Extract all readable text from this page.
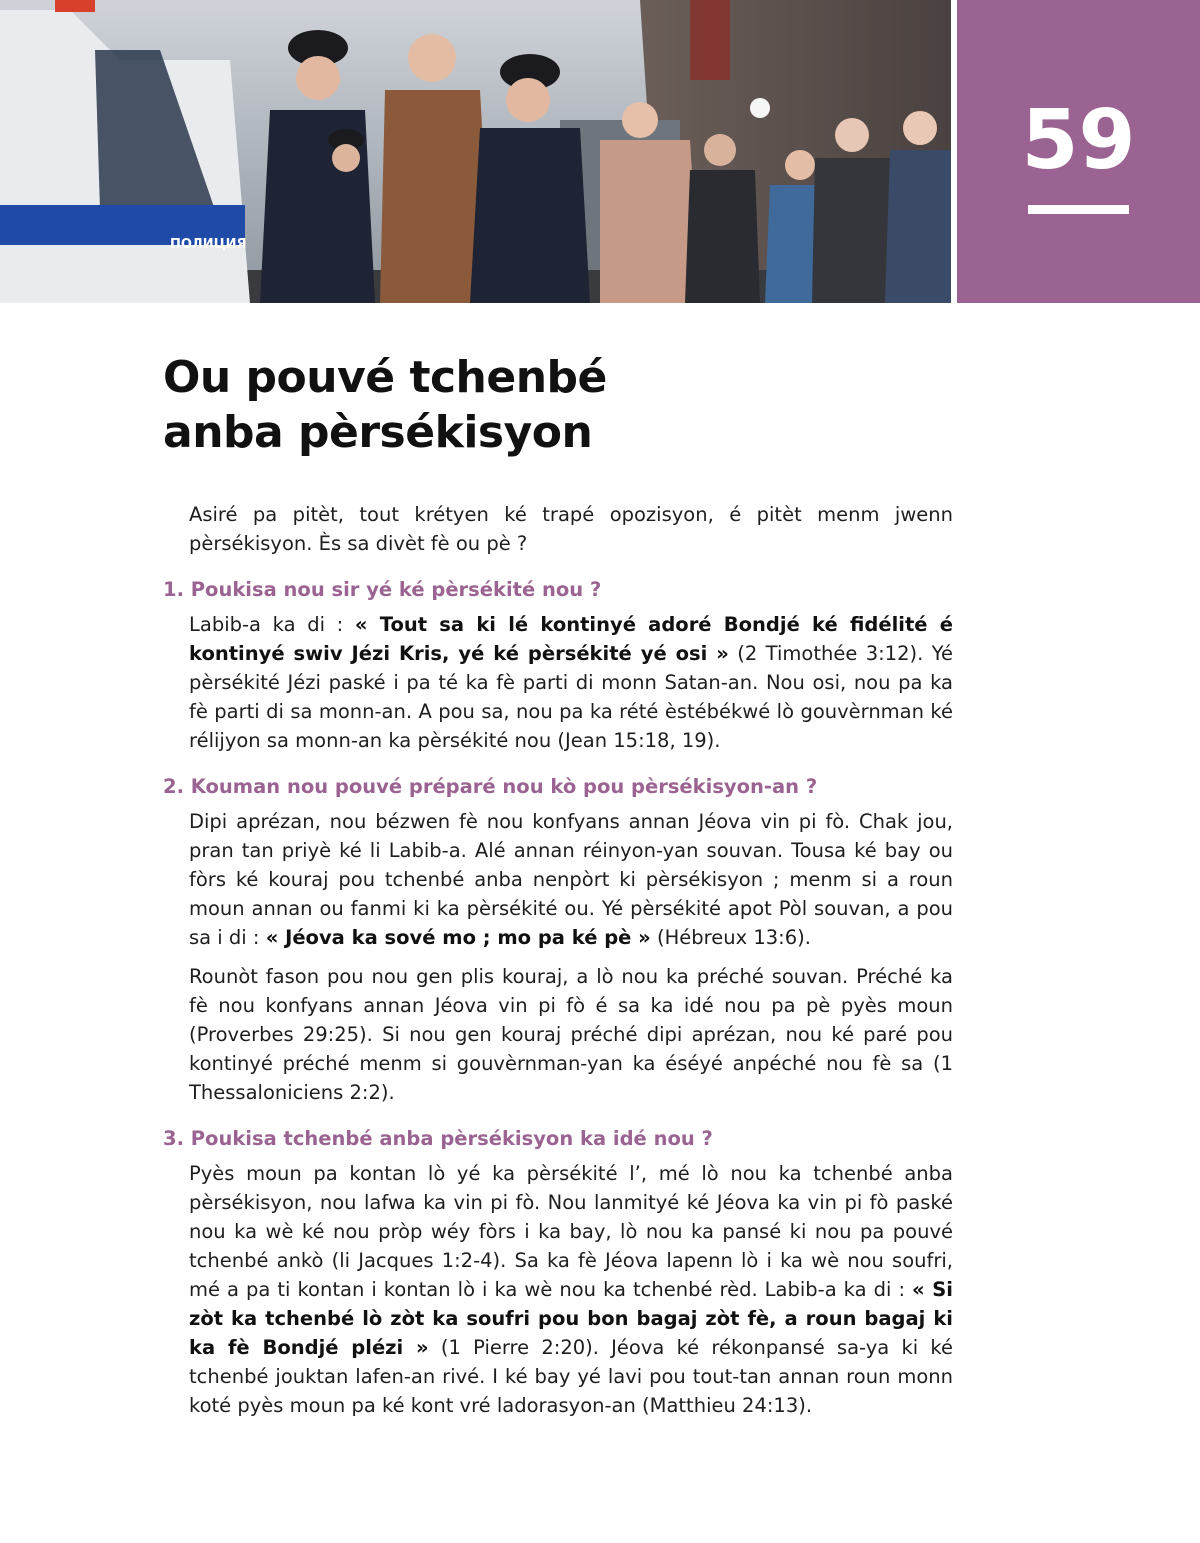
ПОЛИЦИЯ
59
Ou pouvé tchenbé
anba pèrsékisyon

Asiré pa pitèt, tout krétyen ké trapé opozisyon, é pitèt menm jwenn pèrsékisyon. Ès sa divèt fè ou pè ?

1. Poukisa nou sir yé ké pèrsékité nou ?

Labib-a ka di : « Tout sa ki lé kontinyé adoré Bondjé ké fidélité é kontinyé swiv Jézi Kris, yé ké pèrsékité yé osi » (2 Timothée 3:12). Yé pèrsékité Jézi paské i pa té ka fè parti di monn Satan-an. Nou osi, nou pa ka fè parti di sa monn-an. A pou sa, nou pa ka rété èstébékwé lò gouvèrnman ké rélijyon sa monn-an ka pèrsékité nou (Jean 15:18, 19).

2. Kouman nou pouvé préparé nou kò pou pèrsékisyon-an ?

Dipi aprézan, nou bézwen fè nou konfyans annan Jéova vin pi fò. Chak jou, pran tan priyè ké li Labib-a. Alé annan réinyon-yan souvan. Tousa ké bay ou fòrs ké kouraj pou tchenbé anba nenpòrt ki pèrsékisyon ; menm si a roun moun annan ou fanmi ki ka pèrsékité ou. Yé pèrsékité apot Pòl souvan, a pou sa i di : « Jéova ka sové mo ; mo pa ké pè » (Hébreux 13:6).

Rounòt fason pou nou gen plis kouraj, a lò nou ka préché souvan. Préché ka fè nou konfyans annan Jéova vin pi fò é sa ka idé nou pa pè pyès moun (Proverbes 29:25). Si nou gen kouraj préché dipi aprézan, nou ké paré pou kontinyé préché menm si gouvèrnman-yan ka éséyé anpéché nou fè sa (1 Thessaloniciens 2:2).

3. Poukisa tchenbé anba pèrsékisyon ka idé nou ?

Pyès moun pa kontan lò yé ka pèrsékité l’, mé lò nou ka tchenbé anba pèrsékisyon, nou lafwa ka vin pi fò. Nou lanmityé ké Jéova ka vin pi fò paské nou ka wè ké nou pròp wéy fòrs i ka bay, lò nou ka pansé ki nou pa pouvé tchenbé ankò (li Jacques 1:2-4). Sa ka fè Jéova lapenn lò i ka wè nou soufri, mé a pa ti kontan i kontan lò i ka wè nou ka tchenbé rèd. Labib-a ka di : « Si zòt ka tchenbé lò zòt ka soufri pou bon bagaj zòt fè, a roun bagaj ki ka fè Bondjé plézi » (1 Pierre 2:20). Jéova ké rékonpansé sa-ya ki ké tchenbé jouktan lafen-an rivé. I ké bay yé lavi pou tout-tan annan roun monn koté pyès moun pa ké kont vré ladorasyon-an (Matthieu 24:13).
